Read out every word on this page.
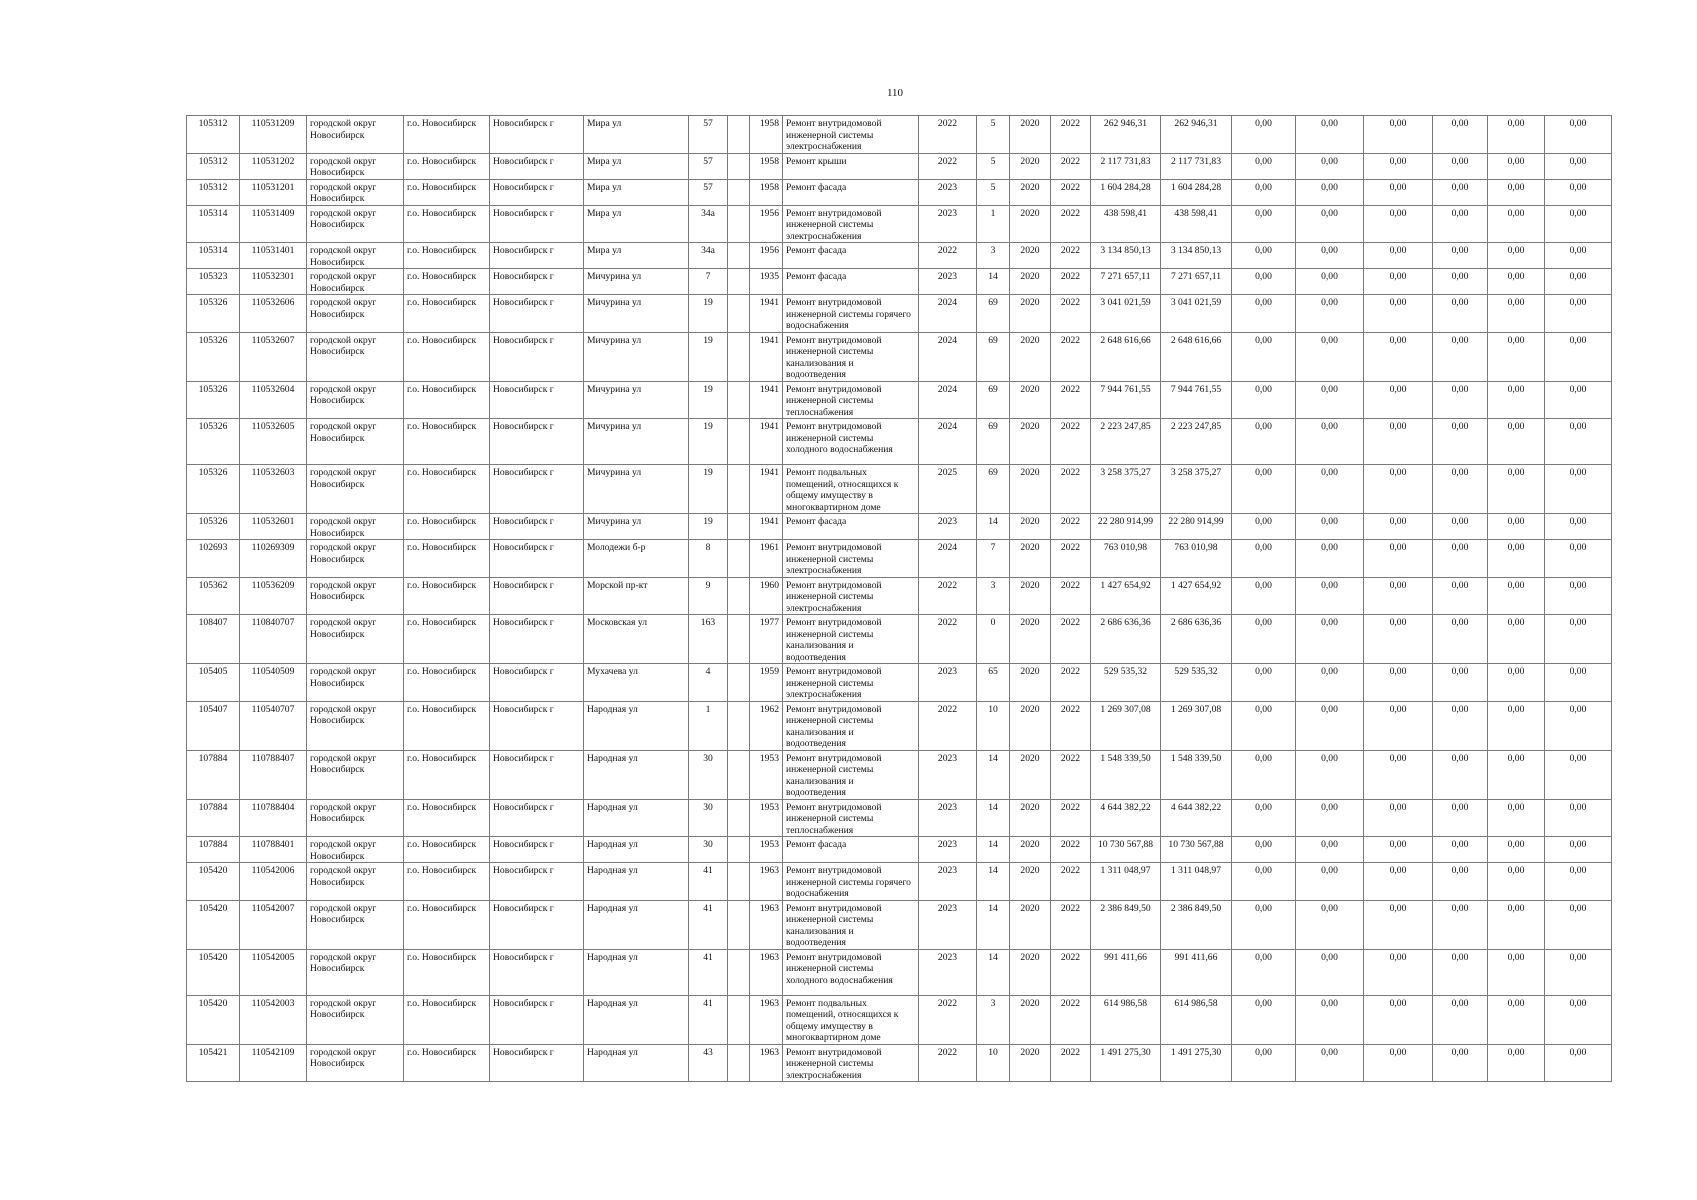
110
105312	110531209	городской округ Новосибирск	г.о. Новосибирск	Новосибирск г	Мира ул	57		1958	Ремонт внутридомовой инженерной системы электроснабжения	2022	5	2020	2022	262 946,31	262 946,31	0,00	0,00	0,00	0,00	0,00	0,00
105312	110531202	городской округ Новосибирск	г.о. Новосибирск	Новосибирск г	Мира ул	57		1958	Ремонт крыши	2022	5	2020	2022	2 117 731,83	2 117 731,83	0,00	0,00	0,00	0,00	0,00	0,00
105312	110531201	городской округ Новосибирск	г.о. Новосибирск	Новосибирск г	Мира ул	57		1958	Ремонт фасада	2023	5	2020	2022	1 604 284,28	1 604 284,28	0,00	0,00	0,00	0,00	0,00	0,00
105314	110531409	городской округ Новосибирск	г.о. Новосибирск	Новосибирск г	Мира ул	34а		1956	Ремонт внутридомовой инженерной системы электроснабжения	2023	1	2020	2022	438 598,41	438 598,41	0,00	0,00	0,00	0,00	0,00	0,00
105314	110531401	городской округ Новосибирск	г.о. Новосибирск	Новосибирск г	Мира ул	34а		1956	Ремонт фасада	2022	3	2020	2022	3 134 850,13	3 134 850,13	0,00	0,00	0,00	0,00	0,00	0,00
105323	110532301	городской округ Новосибирск	г.о. Новосибирск	Новосибирск г	Мичурина ул	7		1935	Ремонт фасада	2023	14	2020	2022	7 271 657,11	7 271 657,11	0,00	0,00	0,00	0,00	0,00	0,00
105326	110532606	городской округ Новосибирск	г.о. Новосибирск	Новосибирск г	Мичурина ул	19		1941	Ремонт внутридомовой инженерной системы горячего водоснабжения	2024	69	2020	2022	3 041 021,59	3 041 021,59	0,00	0,00	0,00	0,00	0,00	0,00
105326	110532607	городской округ Новосибирск	г.о. Новосибирск	Новосибирск г	Мичурина ул	19		1941	Ремонт внутридомовой инженерной системы канализования и водоотведения	2024	69	2020	2022	2 648 616,66	2 648 616,66	0,00	0,00	0,00	0,00	0,00	0,00
105326	110532604	городской округ Новосибирск	г.о. Новосибирск	Новосибирск г	Мичурина ул	19		1941	Ремонт внутридомовой инженерной системы теплоснабжения	2024	69	2020	2022	7 944 761,55	7 944 761,55	0,00	0,00	0,00	0,00	0,00	0,00
105326	110532605	городской округ Новосибирск	г.о. Новосибирск	Новосибирск г	Мичурина ул	19		1941	Ремонт внутридомовой инженерной системы холодного водоснабжения	2024	69	2020	2022	2 223 247,85	2 223 247,85	0,00	0,00	0,00	0,00	0,00	0,00
105326	110532603	городской округ Новосибирск	г.о. Новосибирск	Новосибирск г	Мичурина ул	19		1941	Ремонт подвальных помещений, относящихся к общему имуществу в многоквартирном доме	2025	69	2020	2022	3 258 375,27	3 258 375,27	0,00	0,00	0,00	0,00	0,00	0,00
105326	110532601	городской округ Новосибирск	г.о. Новосибирск	Новосибирск г	Мичурина ул	19		1941	Ремонт фасада	2023	14	2020	2022	22 280 914,99	22 280 914,99	0,00	0,00	0,00	0,00	0,00	0,00
102693	110269309	городской округ Новосибирск	г.о. Новосибирск	Новосибирск г	Молодежи б-р	8		1961	Ремонт внутридомовой инженерной системы электроснабжения	2024	7	2020	2022	763 010,98	763 010,98	0,00	0,00	0,00	0,00	0,00	0,00
105362	110536209	городской округ Новосибирск	г.о. Новосибирск	Новосибирск г	Морской пр-кт	9		1960	Ремонт внутридомовой инженерной системы электроснабжения	2022	3	2020	2022	1 427 654,92	1 427 654,92	0,00	0,00	0,00	0,00	0,00	0,00
108407	110840707	городской округ Новосибирск	г.о. Новосибирск	Новосибирск г	Московская ул	163		1977	Ремонт внутридомовой инженерной системы канализования и водоотведения	2022	0	2020	2022	2 686 636,36	2 686 636,36	0,00	0,00	0,00	0,00	0,00	0,00
105405	110540509	городской округ Новосибирск	г.о. Новосибирск	Новосибирск г	Мухачева ул	4		1959	Ремонт внутридомовой инженерной системы электроснабжения	2023	65	2020	2022	529 535,32	529 535,32	0,00	0,00	0,00	0,00	0,00	0,00
105407	110540707	городской округ Новосибирск	г.о. Новосибирск	Новосибирск г	Народная ул	1		1962	Ремонт внутридомовой инженерной системы канализования и водоотведения	2022	10	2020	2022	1 269 307,08	1 269 307,08	0,00	0,00	0,00	0,00	0,00	0,00
107884	110788407	городской округ Новосибирск	г.о. Новосибирск	Новосибирск г	Народная ул	30		1953	Ремонт внутридомовой инженерной системы канализования и водоотведения	2023	14	2020	2022	1 548 339,50	1 548 339,50	0,00	0,00	0,00	0,00	0,00	0,00
107884	110788404	городской округ Новосибирск	г.о. Новосибирск	Новосибирск г	Народная ул	30		1953	Ремонт внутридомовой инженерной системы теплоснабжения	2023	14	2020	2022	4 644 382,22	4 644 382,22	0,00	0,00	0,00	0,00	0,00	0,00
107884	110788401	городской округ Новосибирск	г.о. Новосибирск	Новосибирск г	Народная ул	30		1953	Ремонт фасада	2023	14	2020	2022	10 730 567,88	10 730 567,88	0,00	0,00	0,00	0,00	0,00	0,00
105420	110542006	городской округ Новосибирск	г.о. Новосибирск	Новосибирск г	Народная ул	41		1963	Ремонт внутридомовой инженерной системы горячего водоснабжения	2023	14	2020	2022	1 311 048,97	1 311 048,97	0,00	0,00	0,00	0,00	0,00	0,00
105420	110542007	городской округ Новосибирск	г.о. Новосибирск	Новосибирск г	Народная ул	41		1963	Ремонт внутридомовой инженерной системы канализования и водоотведения	2023	14	2020	2022	2 386 849,50	2 386 849,50	0,00	0,00	0,00	0,00	0,00	0,00
105420	110542005	городской округ Новосибирск	г.о. Новосибирск	Новосибирск г	Народная ул	41		1963	Ремонт внутридомовой инженерной системы холодного водоснабжения	2023	14	2020	2022	991 411,66	991 411,66	0,00	0,00	0,00	0,00	0,00	0,00
105420	110542003	городской округ Новосибирск	г.о. Новосибирск	Новосибирск г	Народная ул	41		1963	Ремонт подвальных помещений, относящихся к общему имуществу в многоквартирном доме	2022	3	2020	2022	614 986,58	614 986,58	0,00	0,00	0,00	0,00	0,00	0,00
105421	110542109	городской округ Новосибирск	г.о. Новосибирск	Новосибирск г	Народная ул	43		1963	Ремонт внутридомовой инженерной системы электроснабжения	2022	10	2020	2022	1 491 275,30	1 491 275,30	0,00	0,00	0,00	0,00	0,00	0,00
